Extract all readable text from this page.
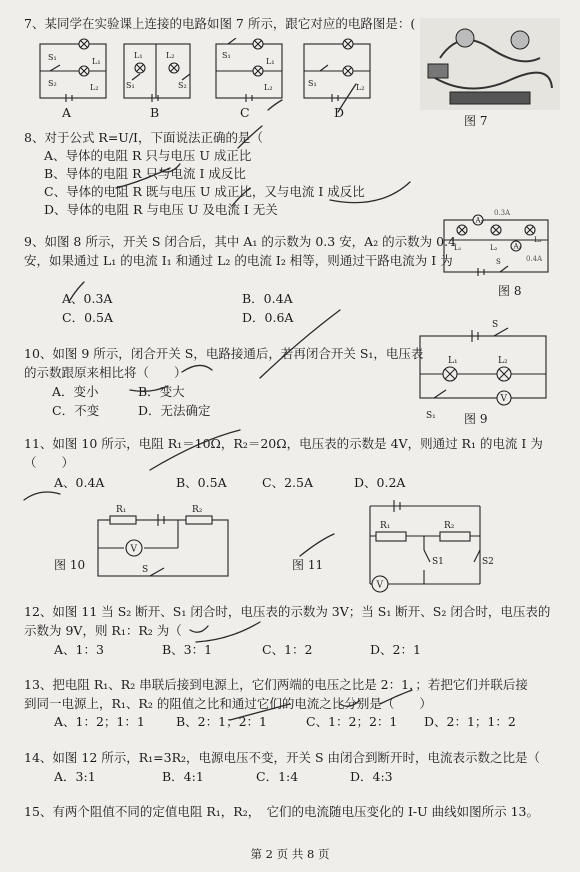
7、某同学在实验课上连接的电路如图 7 所示，跟它对应的电路图是：(
S₁	L₁
S₂	L₂
L₁	L₂
S₁	S₂
S₁
L₁
L₂	S₁	L₂
A	B	C	D
图 7
8、对于公式 R=U/I，下面说法正确的是（
A、导体的电阻 R 只与电压 U 成正比
B、导体的电阻 R 只与电流 I 成反比
C、导体的电阻 R 既与电压 U 成正比，又与电流 I 成反比
D、导体的电阻 R 与电压 U 及电流 I 无关
9、如图 8 所示，开关 S 闭合后，其中 A₁ 的示数为 0.3 安，A₂ 的示数为 0.4
安，如果通过 L₁ 的电流 I₁ 和通过 L₂ 的电流 I₂ 相等，则通过干路电流为 I 为
A、0.3A	B．0.4A
C．0.5A	D．0.6A
A₁
A₂
L₁	L₂
L₃
S
0.3A
0.4A
图 8
10、如图 9 所示，闭合开关 S，电路接通后，若再闭合开关 S₁，电压表
的示数跟原来相比将（　　）
A．变小	B．变大
C．不变	D．无法确定
S
L₁	L₂
V
S₁ 图 9
11、如图 10 所示，电阻 R₁＝10Ω，R₂＝20Ω，电压表的示数是 4V，则通过 R₁ 的电流 I 为
（　　）
A、0.4A	B、0.5A	C、2.5A	D、0.2A
R₁	R₂
V
S
图 10
R₁	R₂
S1	S2
V
图 11
12、如图 11 当 S₂ 断开、S₁ 闭合时，电压表的示数为 3V；当 S₁ 断开、S₂ 闭合时，电压表的
示数为 9V，则 R₁：R₂ 为（
A、1：3	B、3：1	C、1：2	D、2：1
13、把电阻 R₁、R₂ 串联后接到电源上，它们两端的电压之比是 2：1，；若把它们并联后接
到同一电源上，R₁、R₂ 的阻值之比和通过它们的电流之比分别是（　　）
A、1：2；1：1 B、2：1；2：1	C、1：2；2：1 D、2：1；1：2
14、如图 12 所示，R₁=3R₂，电源电压不变，开关 S 由闭合到断开时，电流表示数之比是（
A．3:1	B．4:1	C．1:4	D．4:3
15、有两个阻值不同的定值电阻 R₁，R₂，　它们的电流随电压变化的 I-U 曲线如图所示 13。
第 2 页 共 8 页
